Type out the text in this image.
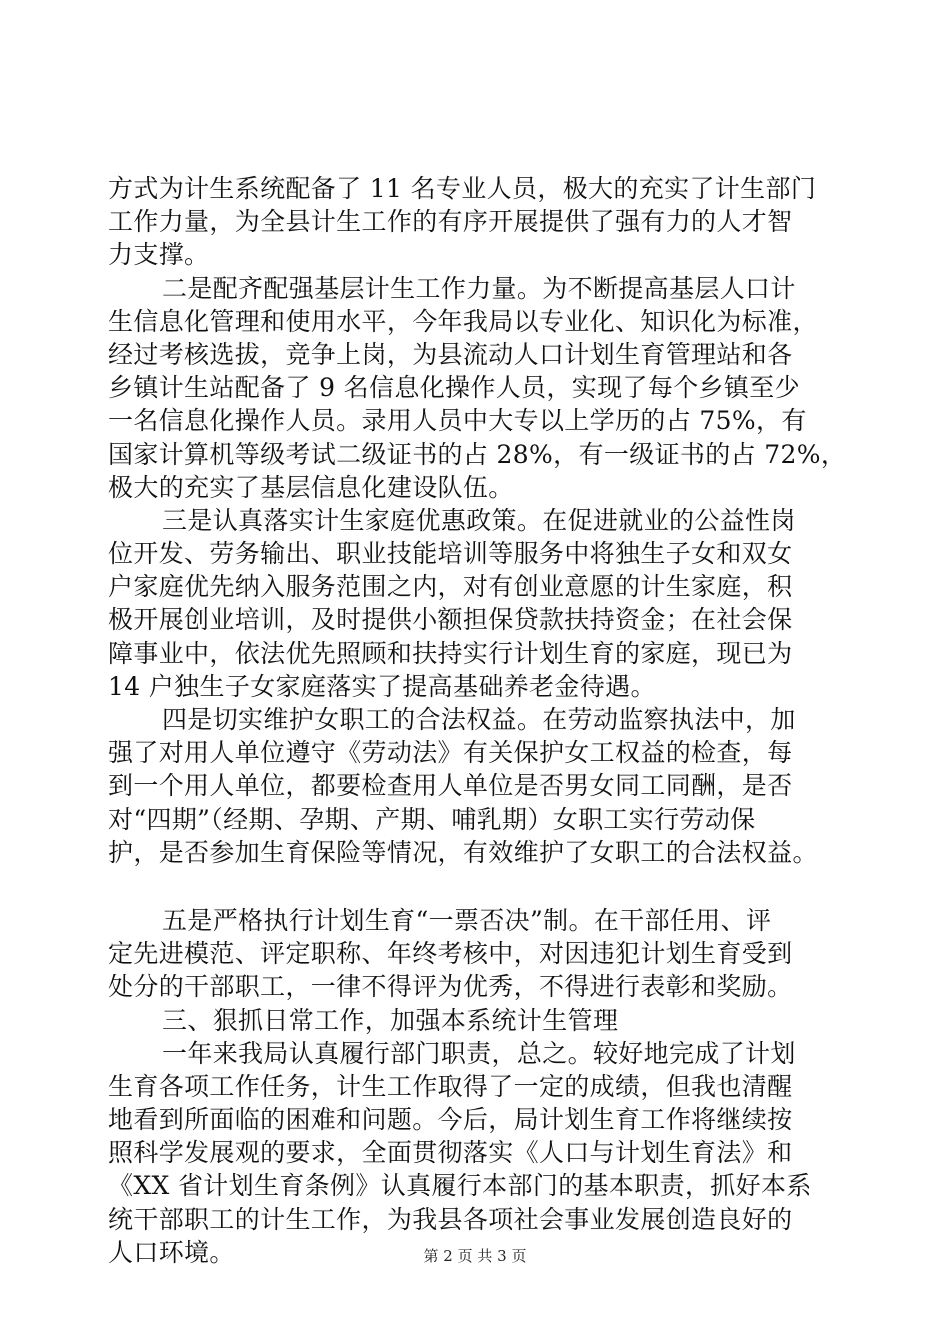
方式为计生系统配备了 11 名专业人员，极大的充实了计生部门
工作力量，为全县计生工作的有序开展提供了强有力的人才智
力支撑。
二是配齐配强基层计生工作力量。为不断提高基层人口计
生信息化管理和使用水平，今年我局以专业化、知识化为标准，
经过考核选拔，竞争上岗，为县流动人口计划生育管理站和各
乡镇计生站配备了 9 名信息化操作人员，实现了每个乡镇至少
一名信息化操作人员。录用人员中大专以上学历的占 75%，有
国家计算机等级考试二级证书的占 28%，有一级证书的占 72%，
极大的充实了基层信息化建设队伍。
三是认真落实计生家庭优惠政策。在促进就业的公益性岗
位开发、劳务输出、职业技能培训等服务中将独生子女和双女
户家庭优先纳入服务范围之内，对有创业意愿的计生家庭，积
极开展创业培训，及时提供小额担保贷款扶持资金；在社会保
障事业中，依法优先照顾和扶持实行计划生育的家庭，现已为
14 户独生子女家庭落实了提高基础养老金待遇。
四是切实维护女职工的合法权益。在劳动监察执法中，加
强了对用人单位遵守《劳动法》有关保护女工权益的检查，每
到一个用人单位，都要检查用人单位是否男女同工同酬，是否
对“四期”（经期、孕期、产期、哺乳期）女职工实行劳动保
护，是否参加生育保险等情况，有效维护了女职工的合法权益。
五是严格执行计划生育“一票否决”制。在干部任用、评
定先进模范、评定职称、年终考核中，对因违犯计划生育受到
处分的干部职工，一律不得评为优秀，不得进行表彰和奖励。
三、狠抓日常工作，加强本系统计生管理
一年来我局认真履行部门职责，总之。较好地完成了计划
生育各项工作任务，计生工作取得了一定的成绩，但我也清醒
地看到所面临的困难和问题。今后，局计划生育工作将继续按
照科学发展观的要求，全面贯彻落实《人口与计划生育法》和
《XX 省计划生育条例》认真履行本部门的基本职责，抓好本系
统干部职工的计生工作，为我县各项社会事业发展创造良好的
人口环境。	第 2 页 共 3 页
